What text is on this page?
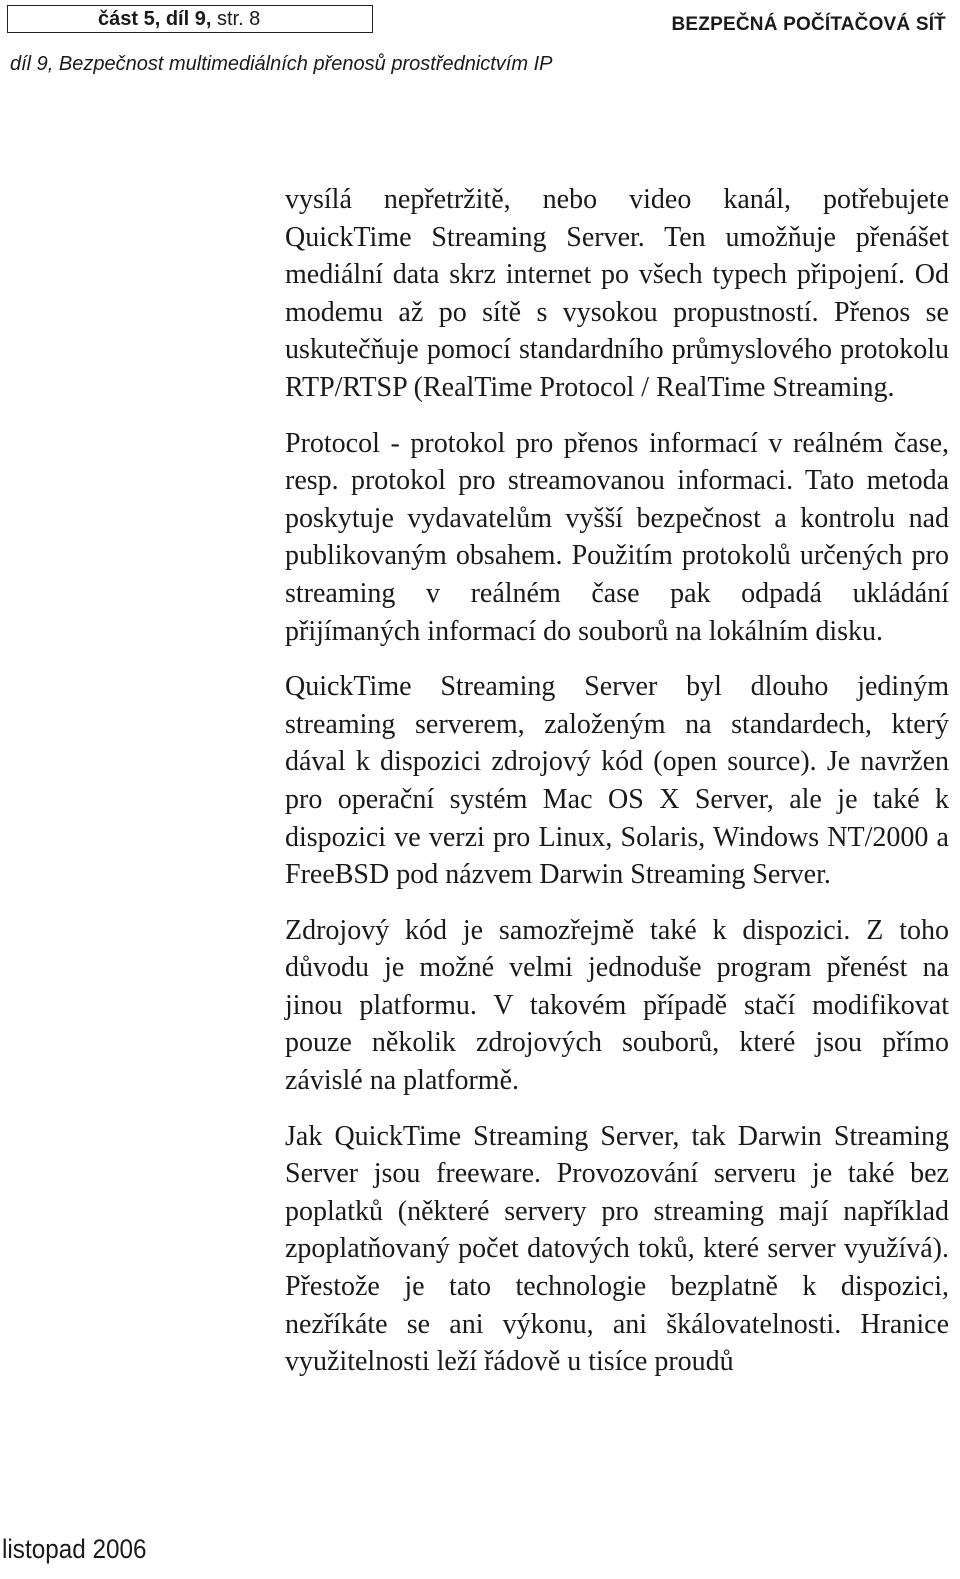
část 5, díl 9, str. 8	BEZPEČNÁ POČÍTAČOVÁ SÍŤ
díl 9, Bezpečnost multimediálních přenosů prostřednictvím IP

vysílá nepřetržitě, nebo video kanál, potřebujete QuickTime Streaming Server. Ten umožňuje přenášet mediální data skrz internet po všech typech připojení. Od modemu až po sítě s vysokou propustností. Přenos se uskutečňuje pomocí standardního průmyslového protokolu RTP/RTSP (RealTime Protocol / RealTime Streaming.

Protocol - protokol pro přenos informací v reálném čase, resp. protokol pro streamovanou informaci. Tato metoda poskytuje vydavatelům vyšší bezpečnost a kontrolu nad publikovaným obsahem. Použitím protokolů určených pro streaming v reálném čase pak odpadá ukládání přijímaných informací do souborů na lokálním disku.

QuickTime Streaming Server byl dlouho jediným streaming serverem, založeným na standardech, který dával k dispozici zdrojový kód (open source). Je navržen pro operační systém Mac OS X Server, ale je také k dispozici ve verzi pro Linux, Solaris, Windows NT/2000 a FreeBSD pod názvem Darwin Streaming Server.

Zdrojový kód je samozřejmě také k dispozici. Z toho důvodu je možné velmi jednoduše program přenést na jinou platformu. V takovém případě stačí modifikovat pouze několik zdrojových souborů, které jsou přímo závislé na platformě.

Jak QuickTime Streaming Server, tak Darwin Streaming Server jsou freeware. Provozování serveru je také bez poplatků (některé servery pro streaming mají například zpoplatňovaný počet datových toků, které server využívá). Přestože je tato technologie bezplatně k dispozici, nezříkáte se ani výkonu, ani škálovatelnosti. Hranice využitelnosti leží řádově u tisíce proudů

listopad 2006
